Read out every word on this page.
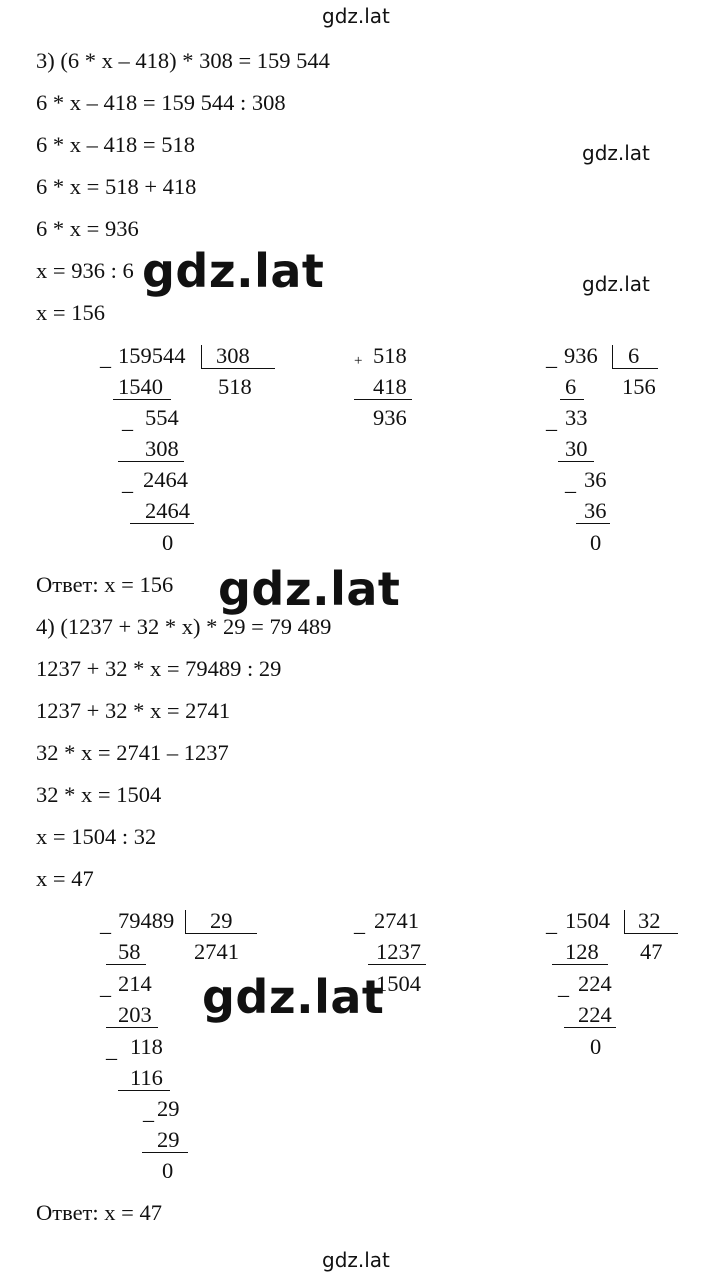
gdz.lat
gdz.lat
gdz.lat
gdz.lat
3) (6 * x – 418) * 308 = 159 544
6 * x – 418 = 159 544 : 308
6 * x – 418 = 518
6 * x = 518 + 418
6 * x = 936
x = 936 : 6
x = 156
_ 159544 308
1540 518
_ 554
308
_ 2464
2464
0
+ 518
418
936
_ 936 6
6 156
_ 33
30
_ 36
36
0
Ответ: x = 156
gdz.lat
gdz.lat
4) (1237 + 32 * x) * 29 = 79 489
1237 + 32 * x = 79489 : 29
1237 + 32 * x = 2741
32 * x = 2741 – 1237
32 * x = 1504
x = 1504 : 32
x = 47
_ 79489 29
58 2741
_ 214
203
_ 118
116
_ 29
29
0
_ 2741
1237
1504
_ 1504 32
128 47
_ 224
224
0
Ответ: x = 47
gdz.lat
